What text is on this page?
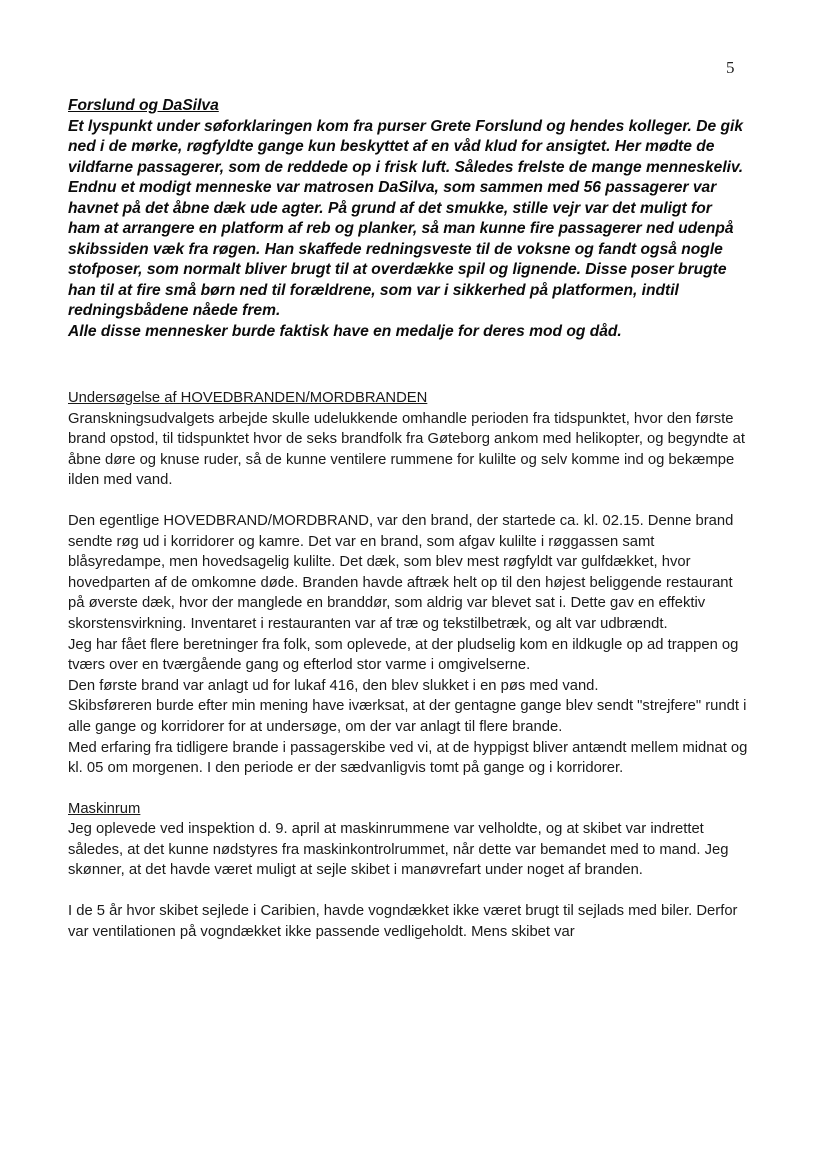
5

Forslund og DaSilva

Et lyspunkt under søforklaringen kom fra purser Grete Forslund og hendes kolleger. De gik ned i de mørke, røgfyldte gange kun beskyttet af en våd klud for ansigtet. Her mødte de vildfarne passagerer, som de reddede op i frisk luft. Således frelste de mange menneskeliv.

Endnu et modigt menneske var matrosen DaSilva, som sammen med 56 passagerer var havnet på det åbne dæk ude agter. På grund af det smukke, stille vejr var det muligt for ham at arrangere en platform af reb og planker, så man kunne fire passagerer ned udenpå skibssiden væk fra røgen. Han skaffede redningsveste til de voksne og fandt også nogle stofposer, som normalt bliver brugt til at overdække spil og lignende. Disse poser brugte han til at fire små børn ned til forældrene, som var i sikkerhed på platformen, indtil redningsbådene nåede frem.

Alle disse mennesker burde faktisk have en medalje for deres mod og dåd.

Undersøgelse af HOVEDBRANDEN/MORDBRANDEN

Granskningsudvalgets arbejde skulle udelukkende omhandle perioden fra tidspunktet, hvor den første brand opstod, til tidspunktet hvor de seks brandfolk fra Gøteborg ankom med helikopter, og begyndte at åbne døre og knuse ruder, så de kunne ventilere rummene for kulilte og selv komme ind og bekæmpe ilden med vand.

Den egentlige HOVEDBRAND/MORDBRAND, var den brand, der startede ca. kl. 02.15. Denne brand sendte røg ud i korridorer og kamre. Det var en brand, som afgav kulilte i røggassen samt blåsyredampe, men hovedsagelig kulilte. Det dæk, som blev mest røgfyldt var gulfdækket, hvor hovedparten af de omkomne døde. Branden havde aftræk helt op til den højest beliggende restaurant på øverste dæk, hvor der manglede en branddør, som aldrig var blevet sat i. Dette gav en effektiv skorstensvirkning. Inventaret i restauranten var af træ og tekstilbetræk, og alt var udbrændt.

Jeg har fået flere beretninger fra folk, som oplevede, at der pludselig kom en ildkugle op ad trappen og tværs over en tværgående gang og efterlod stor varme i omgivelserne.

Den første brand var anlagt ud for lukaf 416, den blev slukket i en pøs med vand.

Skibsføreren burde efter min mening have iværksat, at der gentagne gange blev sendt "strejfere" rundt i alle gange og korridorer for at undersøge, om der var anlagt til flere brande.

Med erfaring fra tidligere brande i passagerskibe ved vi, at de hyppigst bliver antændt mellem midnat og kl. 05 om morgenen. I den periode er der sædvanligvis tomt på gange og i korridorer.

Maskinrum

Jeg oplevede ved inspektion d. 9. april at maskinrummene var velholdte, og at skibet var indrettet således, at det kunne nødstyres fra maskinkontrolrummet, når dette var bemandet med to mand. Jeg skønner, at det havde været muligt at sejle skibet i manøvrefart under noget af branden.

I de 5 år hvor skibet sejlede i Caribien, havde vogndækket ikke været brugt til sejlads med biler. Derfor var ventilationen på vogndækket ikke passende vedligeholdt. Mens skibet var
